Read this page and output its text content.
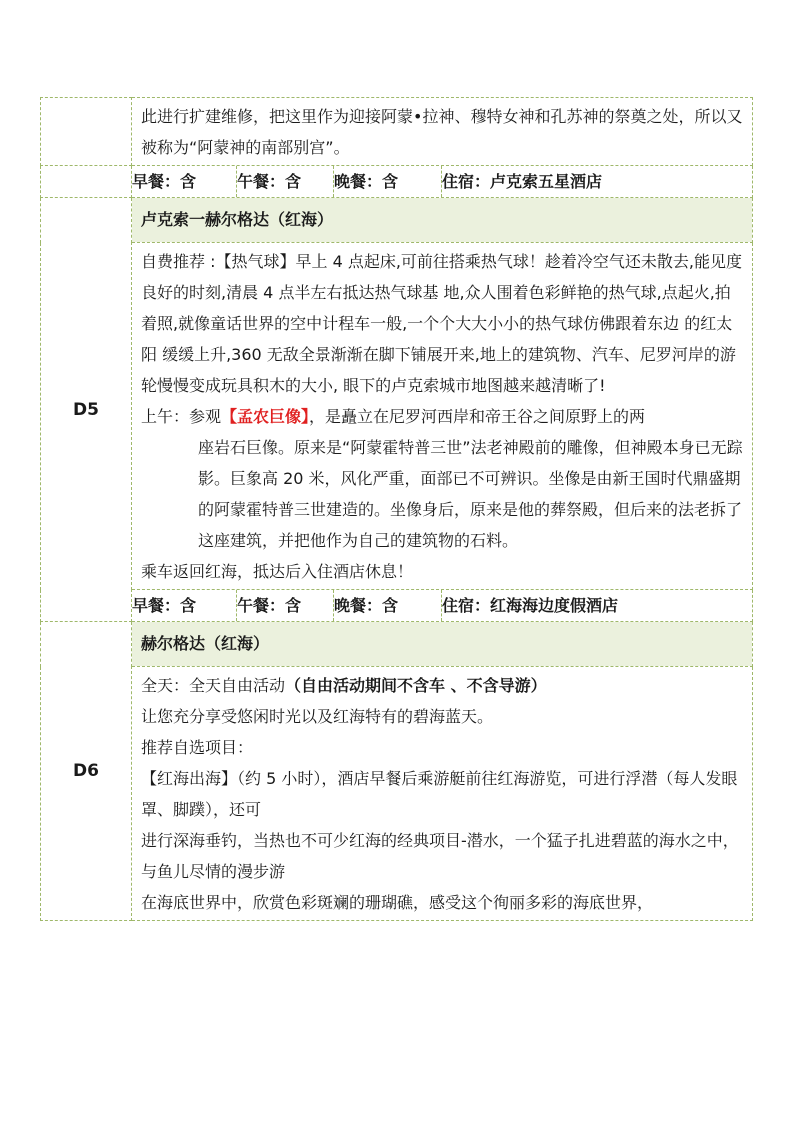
此进行扩建维修，把这里作为迎接阿蒙•拉神、穆特女神和孔苏神的祭奠之处，所以又被称为“阿蒙神的南部别宫”。

早餐：含	午餐：含	晚餐：含	住宿：卢克索五星酒店

D5	
卢克索一赫尔格达（红海）

自费推荐 :【热气球】早上 4 点起床,可前往搭乘热气球！趁着冷空气还未散去,能见度良好的时刻,清晨 4 点半左右抵达热气球基 地,众人围着色彩鲜艳的热气球,点起火,拍着照,就像童话世界的空中计程车一般,一个个大大小小的热气球仿佛跟着东边 的红太阳 缓缓上升,360 无敌全景渐渐在脚下铺展开来,地上的建筑物、汽车、尼罗河岸的游轮慢慢变成玩具积木的大小, 眼下的卢克索城市地图越来越清晰了!
上午：参观【孟农巨像】，是矗立在尼罗河西岸和帝王谷之间原野上的两
座岩石巨像。原来是“阿蒙霍特普三世”法老神殿前的雕像，但神殿本身已无踪影。巨象高 20 米，风化严重，面部已不可辨识。坐像是由新王国时代鼎盛期的阿蒙霍特普三世建造的。坐像身后，原来是他的葬祭殿，但后来的法老拆了这座建筑，并把他作为自己的建筑物的石料。
乘车返回红海，抵达后入住酒店休息！

早餐：含	午餐：含	晚餐：含	住宿：红海海边度假酒店

D6	
赫尔格达（红海）

全天：全天自由活动（自由活动期间不含车 、不含导游）
让您充分享受悠闲时光以及红海特有的碧海蓝天。
推荐自选项目：
【红海出海】（约 5 小时），酒店早餐后乘游艇前往红海游览，可进行浮潜（每人发眼罩、脚蹼），还可
进行深海垂钓，当热也不可少红海的经典项目-潜水，一个猛子扎进碧蓝的海水之中，与鱼儿尽情的漫步游
在海底世界中，欣赏色彩斑斓的珊瑚礁，感受这个徇丽多彩的海底世界，
